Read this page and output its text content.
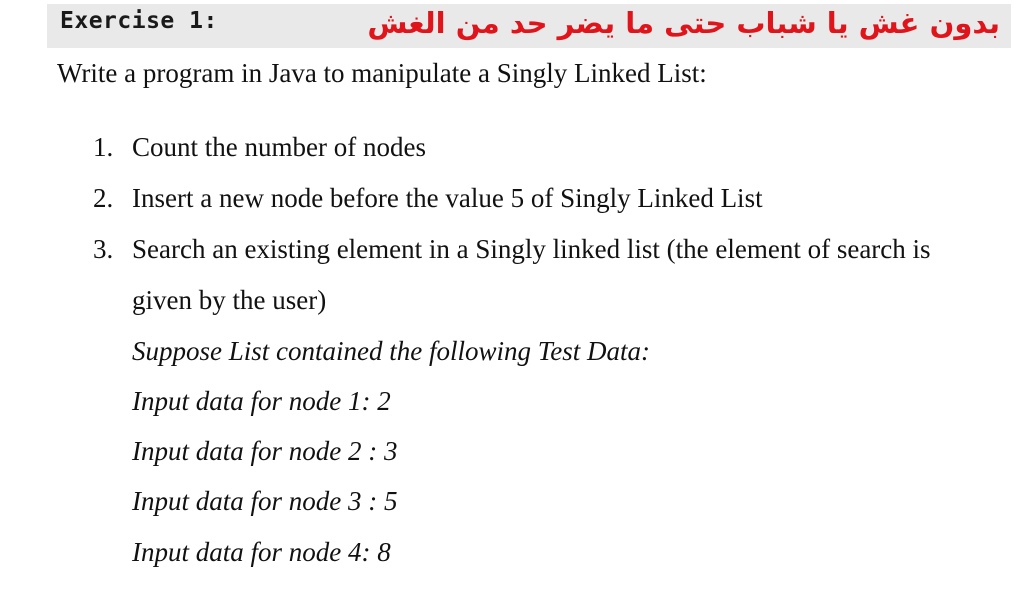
Exercise 1:	بدون غش يا شباب حتى ما يضر حد من الغش
Write a program in Java to manipulate a Singly Linked List:
1. Count the number of nodes
2. Insert a new node before the value 5 of Singly Linked List
3. Search an existing element in a Singly linked list (the element of search is
given by the user)
Suppose List contained the following Test Data:
Input data for node 1: 2
Input data for node 2 : 3
Input data for node 3 : 5
Input data for node 4: 8
